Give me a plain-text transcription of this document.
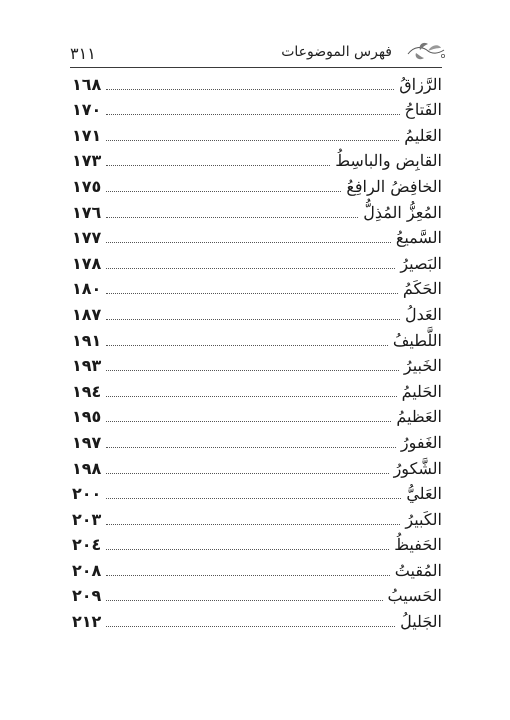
فهرس الموضوعات
٣١١
الرَّزاقُ
١٦٨
الفَتاحُ
١٧٠
العَليمُ
١٧١
القابِض والباسِطُ
١٧٣
الخافِضُ الرافِعُ
١٧٥
المُعِزُّ المُذِلُّ
١٧٦
السَّميعُ
١٧٧
البَصيرُ
١٧٨
الحَكَمُ
١٨٠
العَدلُ
١٨٧
اللَّطيفُ
١٩١
الخَبيرُ
١٩٣
الحَليمُ
١٩٤
العَظيمُ
١٩٥
الغَفورُ
١٩٧
الشَّكورُ
١٩٨
العَليُّ
٢٠٠
الكَبيرُ
٢٠٣
الحَفيظُ
٢٠٤
المُقيتُ
٢٠٨
الحَسيبُ
٢٠٩
الجَليلُ
٢١٢
